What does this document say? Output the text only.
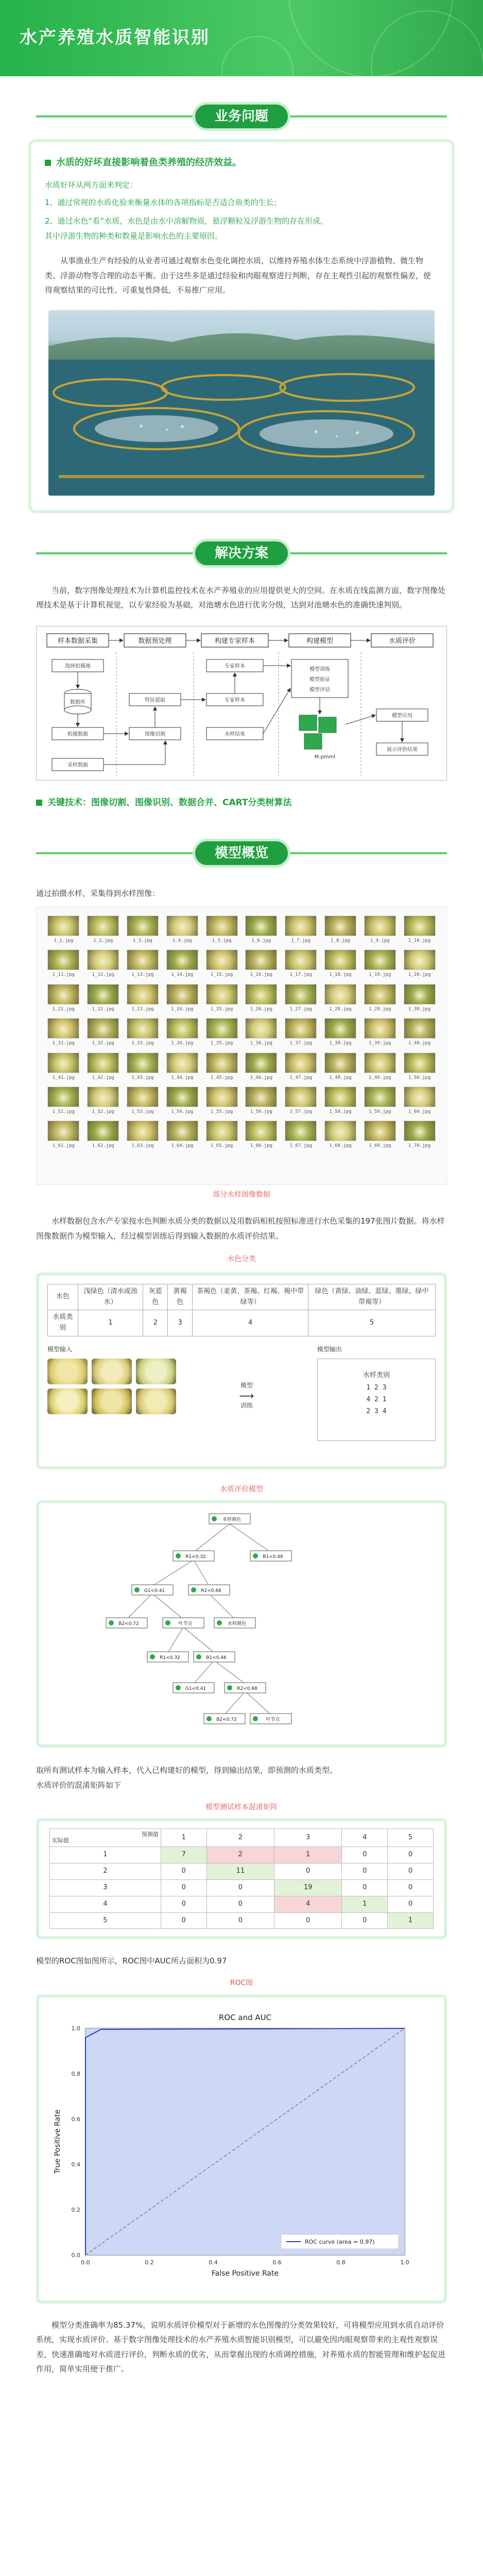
水产养殖水质智能识别
业务问题
水质的好坏直接影响着鱼类养殖的经济效益。
水质好坏从两方面来判定：

1、通过常规的水质化验来衡量水体的各项指标是否适合鱼类的生长；

2、通过水色“看”水质，水色是由水中溶解物质，悬浮颗粒及浮游生物的存在形成。

其中浮游生物的种类和数量是影响水色的主要原因。

从事渔业生产有经验的从业者可通过观察水色变化调控水质，以维持养殖水体生态系统中浮游植物、微生物类、浮游动物等合理的动态平衡。由于这些多是通过经验和肉眼观察进行判断，存在主观性引起的观察性偏差，使得观察结果的可比性、可重复性降低，不易推广应用。
解决方案
当前，数字图像处理技术为计算机监控技术在水产养殖业的应用提供更大的空间。在水质在线监测方面，数字图像处理技术是基于计算机视觉，以专家经验为基础，对池塘水色进行优劣分级，达到对池塘水色的准确快速判别。
样本数据采集	数据预处理	构建专家样本	构建模型	水质评价
选择拍摄地
数据库
拍摄数据
采样数据
特征提取
图像切割
专家样本
专家样本
水样结果
模型训练
模型验证
模型评估
M.pmml
模型应用
展示评价结果
关键技术：图像切割、图像识别、数据合并、CART分类树算法
模型概览
通过拍摄水样，采集得到水样图像：
1_1.jpg	1_2.jpg	1_3.jpg	1_4.jpg	1_5.jpg	1_6.jpg	1_7.jpg	1_8.jpg	1_9.jpg	1_10.jpg
1_11.jpg	1_12.jpg	1_13.jpg	1_14.jpg	1_15.jpg	1_16.jpg	1_17.jpg	1_18.jpg	1_19.jpg	1_20.jpg
1_21.jpg	1_22.jpg	1_23.jpg	1_24.jpg	1_25.jpg	1_26.jpg	1_27.jpg	1_28.jpg	1_29.jpg	1_30.jpg
1_31.jpg	1_32.jpg	1_33.jpg	1_34.jpg	1_35.jpg	1_36.jpg	1_37.jpg	1_38.jpg	1_39.jpg	1_40.jpg
1_41.jpg	1_42.jpg	1_43.jpg	1_44.jpg	1_45.jpg	1_46.jpg	1_47.jpg	1_48.jpg	1_49.jpg	1_50.jpg
1_51.jpg	1_52.jpg	1_53.jpg	1_54.jpg	1_55.jpg	1_56.jpg	1_57.jpg	1_58.jpg	1_59.jpg	1_60.jpg
1_61.jpg	1_62.jpg	1_63.jpg	1_64.jpg	1_65.jpg	1_66.jpg	1_67.jpg	1_68.jpg	1_69.jpg	1_70.jpg
部分水样图像数据
水样数据包含水产专家按水色判断水质分类的数据以及用数码相机按照标准进行水色采集的197张图片数据。将水样图像数据作为模型输入，经过模型训练后得到输入数据的水质评价结果。
水色分类
水色	浅绿色（清水或浊水）	灰蓝色	黄褐色	茶褐色（姜黄、茶褐、红褐、褐中带绿等）	绿色（黄绿、油绿、蓝绿、墨绿、绿中带褐等）
水质类别	1	2	3	4	5
模型输入
模型
⟶
训练
模型输出
水样类别
1 2 3
4 2 1
2 3 4
水质评价模型
水样颜色
R1<0.32	B1<0.46
G1<0.41	R2<0.68
B2<0.72	叶节点	水样颜色
R1<0.32	B1<0.46
G1<0.41	R2<0.68
B2<0.72	叶节点
取所有测试样本为输入样本，代入已构建好的模型，得到输出结果，即预测的水质类型。
水质评价的混淆矩阵如下
模型测试样本混淆矩阵
预测值
实际值	1	2	3	4	5
1	7	2	1	0	0
2	0	11	0	0	0
3	0	0	19	0	0
4	0	0	4	1	0
5	0	0	0	0	1
模型的ROC图如图所示，ROC图中AUC所占面积为0.97
ROC图
ROC and AUC
0.0	0.2	0.4	0.6	0.8	1.0
0.0
0.2
0.4
0.6
0.8
1.0
False Positive Rate
True Positive Rate
ROC curve (area = 0.97)
模型分类准确率为85.37%，说明水质评价模型对于新增的水色图像的分类效果较好，可将模型应用到水质自动评价系统，实现水质评价。基于数字图像处理技术的水产养殖水质智能识别模型，可以避免因肉眼观察带来的主观性观察误差，快速准确地对水质进行评价，判断水质的优劣，从而掌握出现的水质调控措施，对养殖水质的智能管理和维护起促进作用，简单实用便于推广。
